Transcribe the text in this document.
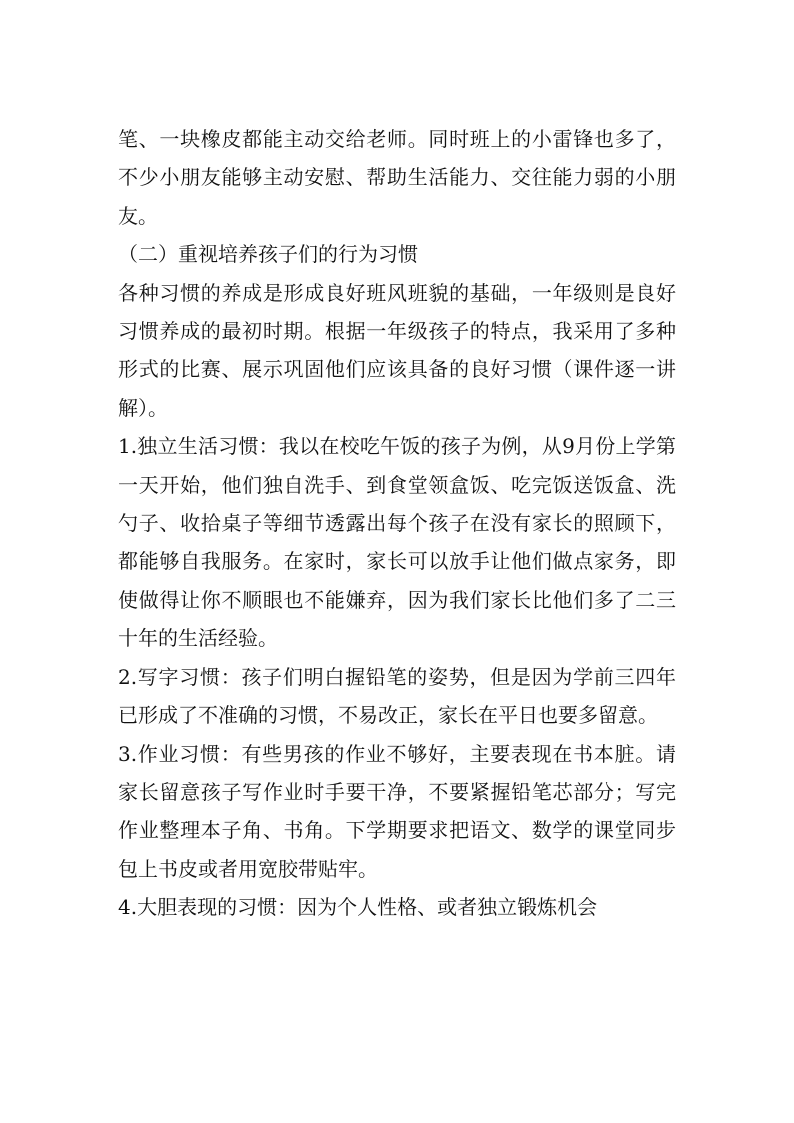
笔、一块橡皮都能主动交给老师。同时班上的小雷锋也多了，不少小朋友能够主动安慰、帮助生活能力、交往能力弱的小朋友。

（二）重视培养孩子们的行为习惯

各种习惯的养成是形成良好班风班貌的基础，一年级则是良好习惯养成的最初时期。根据一年级孩子的特点，我采用了多种形式的比赛、展示巩固他们应该具备的良好习惯（课件逐一讲解）。

1.独立生活习惯：我以在校吃午饭的孩子为例，从9月份上学第一天开始，他们独自洗手、到食堂领盒饭、吃完饭送饭盒、洗勺子、收拾桌子等细节透露出每个孩子在没有家长的照顾下，都能够自我服务。在家时，家长可以放手让他们做点家务，即使做得让你不顺眼也不能嫌弃，因为我们家长比他们多了二三十年的生活经验。

2.写字习惯：孩子们明白握铅笔的姿势，但是因为学前三四年已形成了不准确的习惯，不易改正，家长在平日也要多留意。

3.作业习惯：有些男孩的作业不够好，主要表现在书本脏。请家长留意孩子写作业时手要干净，不要紧握铅笔芯部分；写完作业整理本子角、书角。下学期要求把语文、数学的课堂同步包上书皮或者用宽胶带贴牢。

4.大胆表现的习惯：因为个人性格、或者独立锻炼机会
